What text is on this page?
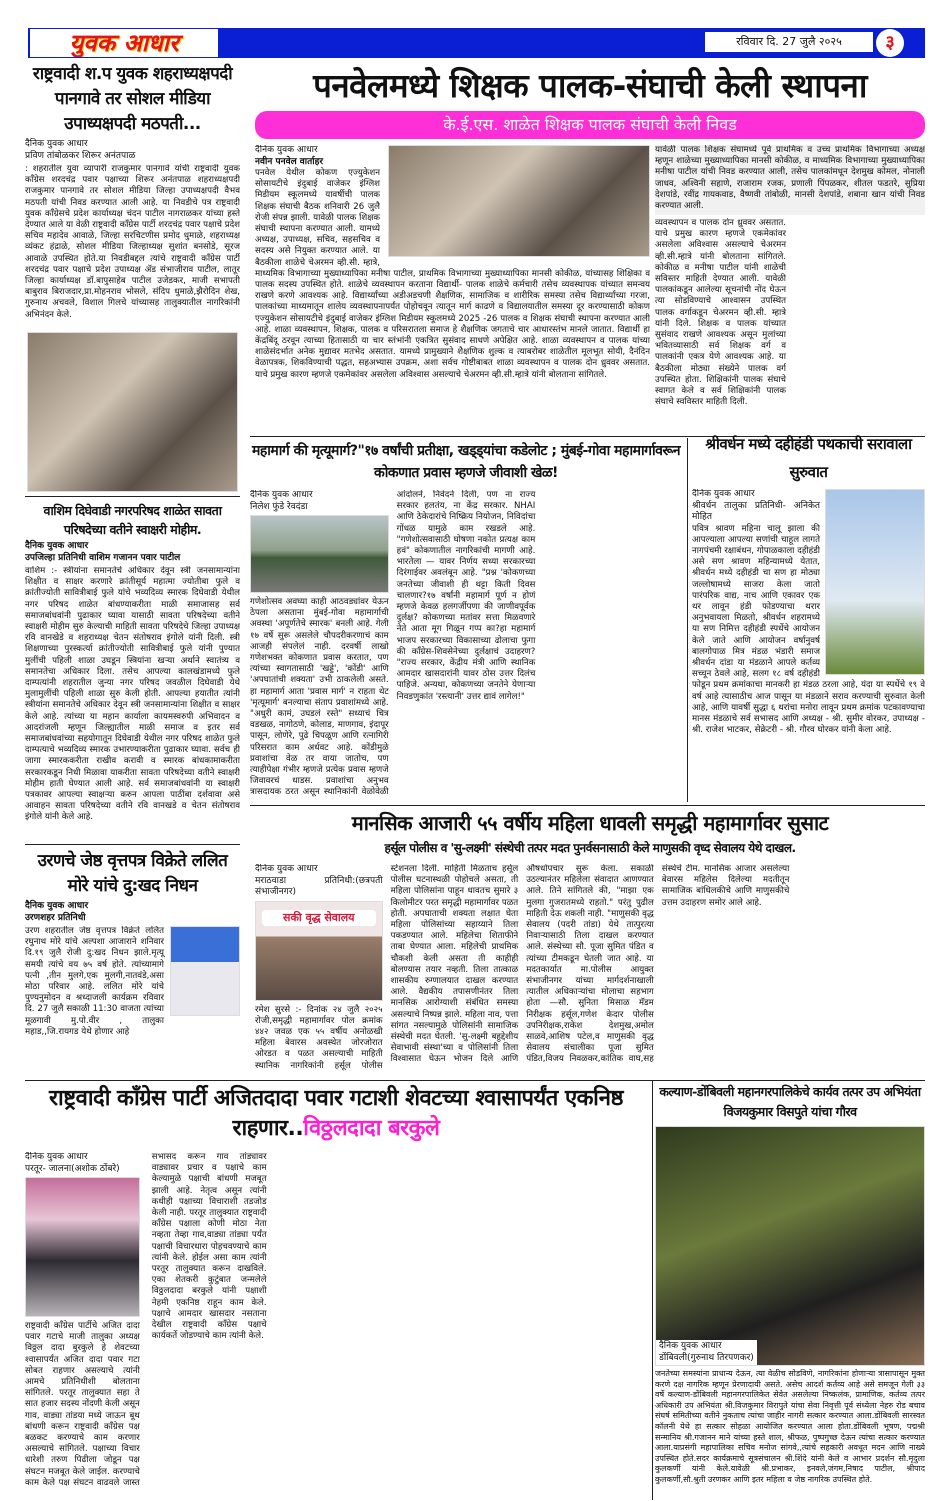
युवक आधार	रविवार दि. 27 जुलै २०२५	३
राष्ट्रवादी श.प युवक शहराध्यक्षपदी पानगावे तर सोशल मीडिया उपाध्यक्षपदी मठपती...
दैनिक युवक आधार
प्रविण तांबोळकर शिरूर अनंतपाळ
: शहरातील युवा व्यापारी राजकुमार पानगावे यांची राष्ट्रवादी युवक काँग्रेस शरदचंद्र पवार पक्षाच्या शिरूर अनंतपाळ शहराध्यक्षपदी राजकुमार पानगावे तर सोशल मीडिया जिल्हा उपाध्यक्षपदी वैभव मठपती यांची निवड करण्यात आली आहे. या निवडीचे पत्र राष्ट्रवादी युवक काँग्रेसचे प्रदेश कार्याध्यक्ष चंदन पाटील नागराळकर यांच्या हस्ते देण्यात आले या वेळी राष्ट्रवादी काँग्रेस पार्टी शरदचंद्र पवार पक्षाचे प्रदेश सचिव महादेव आवाळे, जिल्हा सरचिटणीस प्रमोद धुमाळे, शहराध्यक्ष व्यंकट हंद्राळे, सोशल मीडिया जिल्हाध्यक्ष सुशांत बनसोडे, सूरज आवाळे उपस्थित होते.या निवडीबद्दल त्यांचे राष्ट्रवादी काँग्रेस पार्टी शरदचंद्र पवार पक्षाचे प्रदेश उपाध्यक्ष ॲड संभाजीराव पाटील, लातूर जिल्हा कार्याध्यक्ष डॉ.बापुसाहेब पाटील उजेडकर, माजी सभापती बाबुराव बिराजदार,प्रा.मोहनराव भोसले, संदिप धुमाळे,झैरोदिन शेख, गुरुनाथ अचवले, विशाल गिलचे यांच्यासह तालुक्यातील नागरिकांनी अभिनंदन केले.
वाशिम दिघेवाडी नगरपरिषद शाळेत सावता परिषदेच्या वतीने स्वाक्षरी मोहीम.
दैनिक युवक आधार
उपजिल्हा प्रतिनिधी वाशिम गजानन पवार पाटील
वाशिम :- स्त्रीयांना समानतेचे अधिकार देवून स्त्री जनसामान्यांना शिक्षीत व साक्षर करणारे क्रांतीसूर्य महात्मा ज्योतीबा फुले व क्रांतीज्योती सावित्रीबाई फुले यांचे भव्यदिव्य स्मारक दिघेवाडी येथील नगर परिषद शाळेत बांधण्याकरीता माळी समाजासह सर्व समाजबांधवांनी पुढाकार घ्यावा यासाठी सावता परिषदेच्या वतीने स्वाक्षरी मोहीम सुरु केल्याची माहिती सावता परिषदेचे जिल्हा उपाध्यक्ष रवि वानखेडे व शहराध्यक्ष चेतन संतोषराव इंगोले यांनी दिली. स्त्री शिक्षणाच्या पुरस्कर्त्या क्रांतीज्योती सावित्रीबाई फुले यांनी पुण्यात मुलींची पहिली शाळा उघडून स्त्रियांना खऱ्या अर्थाने स्वातंत्र्य व समानतेचा अधिकार दिला. तसेच आपल्या कालखंडामध्ये फुले दाम्पत्यांनी शहरातील जुन्या नगर परिषद जवळील दिघेवाडी येथे मुलामुलींची पहिली शाळा सुरु केली होती. आपल्या हयातीत त्यांनी स्त्रीयांना समानतेचे अधिकार देवून स्त्री जनसामान्यांना शिक्षीत व साक्षर केले आहे. त्यांच्या या महान कार्याला कायमस्वरुपी अभिवादन व आदरांजली म्हणून जिल्ह्यातील माळी समाज व इतर सर्व समाजबांधवांच्या सहयोगातून दिघेवाडी येथील नगर परिषद शाळेत फुले दाम्पत्याचे भव्यदिव्य स्मारक उभारण्याकरीता पुढाकार घ्यावा. सर्वच ही जागा स्मारककरीता राखीव करावी व स्मारक बांधकामाकरीता सरकारकडून निधी मिळावा याकरीता सावता परिषदेच्या वतीने स्वाक्षरी मोहीम हाती घेण्यात आली आहे. सर्व समाजबांधवांनी या स्वाक्षरी पत्रकावर आपल्या स्वाक्षऱ्या करुन आपला पाठींबा दर्शवावा असे आवाहन सावता परिषदेच्या वतीने रवि वानखडे व चेतन संतोषराव इंगोले यांनी केले आहे.
उरणचे जेष्ठ वृत्तपत्र विक्रेते ललित मोरे यांचे दु:खद निधन
दैनिक युवक आधार
उरणशहर प्रतिनिधी
उरण शहरातील जेष्ठ वृत्तपत्र विक्रेते ललित रघुनाथ मोरे यांचे अल्पशा आजाराने शनिवार दि.१९ जुलै रोजी दु:खद निधन झाले.मृत्यू समयी त्यांचे वय ७५ वर्ष होते. त्यांच्यामागे पत्नी ,तीन मुलगे,एक मुलगी,नातवंडे,असा मोठा परिवार आहे. ललित मोरे यांचे पुण्यनुमोदन व श्रध्दाजली कार्यक्रम रविवार दि. 27 जुलै सकाळी 11:30 वाजता त्यांच्या मूळगावी मु.पो.वीर , तालुका महाड,,जि.रायगड येथे होणार आहे
पनवेलमध्ये शिक्षक पालक-संघाची केली स्थापना
के.ई.एस. शाळेत शिक्षक पालक संघाची केली निवड
दैनिक युवक आधार
नवीन पनवेल वार्ताहर
पनवेल येथील कोकण एज्युकेशन सोसायटीचे इंदुबाई वाजेकर इंग्लिश मिडीयम स्कूलमध्ये यावर्षीची पालक शिक्षक संघाची बैठक शनिवारी 26 जुलै रोजी संपन्न झाली. यावेळी पालक शिक्षक संघाची स्थापना करण्यात आली. यामध्ये अध्यक्ष, उपाध्यक्ष, सचिव, सहसचिव व सदस्य असे नियुक्त करण्यात आले. या बैठकीला शाळेचे चेअरमन व्ही.सी. म्हात्रे, माध्यमिक विभागाच्या मुख्याध्यापिका मनीषा पाटील, प्राथमिक विभागाच्या मुख्याध्यापिका मानसी कोकीळ, यांच्यासह शिक्षिका व पालक सदस्य उपस्थित होते. शाळेचे व्यवस्थापन करताना विद्यार्थी- पालक शाळेचे कर्मचारी तसेच व्यवस्थापक यांच्यात समन्वय राखणे करणे आवश्यक आहे. विद्यार्थ्यांच्या अडीअडचणी शैक्षणिक, सामाजिक व शारीरिक समस्या तसेच विद्यार्थ्यांच्या गरजा, पालकांच्या माध्यमातून शालेय व्यवस्थापनापर्यंत पोहोचवून त्यातून मार्ग काढणे व विद्यालयातील समस्या दूर करण्यासाठी कोकण एज्युकेशन सोसायटीचे इंदुबाई वाजेकर इंग्लिश मिडीयम स्कूलमध्ये 2025 -26 पालक व शिक्षक संघाची स्थापना करण्यात आली आहे. शाळा व्यवस्थापन, शिक्षक, पालक व परिसरातला समाज हे शैक्षणिक जगताचे चार आधारस्तंभ मानले जातात. विद्यार्थी हा केंद्रबिंदू ठरवून त्याच्या हितासाठी या चार स्तंभांनी एकत्रित सुसंवाद साधणे अपेक्षित आहे. शाळा व्यवस्थापन व पालक यांच्या शाळेसंदर्भात अनेक मुद्यावर मतभेद असतात. यामध्ये प्रामुख्याने शैक्षणिक शुल्क व त्याबरोबर शाळेतील मूलभूत सोयी, दैनंदिन वेळापत्रक, शिकविण्याची पद्धत, सहअभ्यास उपक्रम, अशा सर्वच गोष्टीबाबत शाळा व्यवस्थापन व पालक दोन ध्रुववर असतात. याचे प्रमुख कारण म्हणजे एकमेकांवर असलेला अविश्वास असल्याचे चेअरमन व्ही.सी.म्हात्रे यांनी बोलताना सांगितले.
यावेळी पालक शिक्षक संघामध्ये पूर्व प्राथमिक व उच्च प्राथमिक विभागाच्या अध्यक्ष म्हणून शाळेच्या मुख्याध्यापिका मानसी कोकीळ, व माध्यमिक विभागाच्या मुख्याध्यापिका मनीषा पाटील यांची निवड करण्यात आली, तसेच पालकांमधून देशमुख कोमल, नोनाली जाधव, अश्विनी सहाणे, राजाराम रजक, प्रणाली पिंपळकर, शीतल फडतरे, सुप्रिया देशपांडे, रवींद्र गायकवाड, वैष्णवी तांबोळी, मानसी देशपांडे, शबाना खान यांची निवड करण्यात आली.
व्यवस्थापन व पालक दोन ध्रुववर असतात. याचे प्रमुख कारण म्हणजे एकमेकांवर असलेला अविश्वास असल्याचे चेअरमन व्ही.सी.म्हात्रे यांनी बोलताना सांगितले. कोकीळ व मनीषा पाटील यांनी शाळेची सविस्तर माहिती देण्यात आली. यावेळी पालकांकडून आलेल्या सूचनांची नोंद घेऊन त्या सोडविण्याचे आश्वासन उपस्थित पालक वर्गाकडून चेअरमन व्ही.सी. म्हात्रे यांनी दिले. शिक्षक व पालक यांच्यात सुसंवाद राखणे आवश्यक असून मुलांच्या भवितव्यासाठी सर्व शिक्षक वर्ग व पालकांनी एकत्र येणे आवश्यक आहे. या बैठकीला मोठ्या संख्येने पालक वर्ग उपस्थित होता. शिक्षिकांनी पालक संघाचे स्वागत केले व सर्व शिक्षिकांनी पालक संघाचे स्वविस्तर माहिती दिली.
महामार्ग की मृत्यूमार्ग?"१७ वर्षांची प्रतीक्षा, खड्ड्यांचा कडेलोट ; मुंबई-गोवा महामार्गावरून कोकणात प्रवास म्हणजे जीवाशी खेळ!
दैनिक युवक आधार
निलेश फुंडे रेवदंडा
गणेशोत्सव अवघ्या काही आठवड्यांवर येऊन ठेपला असताना मुंबई-गोवा महामार्गाची अवस्था 'अपूर्णतेचे स्मारक' बनली आहे. गेली १७ वर्षे सुरू असलेले चौपदरीकरणाचं काम आजही संपलेलं नाही. दरवर्षी लाखो गणेशभक्त कोकणात प्रवास करतात, पण त्यांच्या स्वागतासाठी 'खड्डे', 'कोंडी' आणि 'अपघातांची शक्यता' उभी ठाकलेली असते. हा महामार्ग आता 'प्रवास मार्ग' न राहता थेट 'मृत्यूमार्ग' बनल्याचा संताप प्रवाशांमध्ये आहे. "अधुरी कामं, उघडलं रस्ते" सध्याचं चित्र वडखळ, नागोठणे, कोलाड, माणगाव, इंदापूर पासून, लोणेरे, पुढे चिपळूण आणि रत्नागिरी परिसरात काम अर्धवट आहे. कोंडीमुळे प्रवाशांचा वेळ तर वाया जातोच, पण त्याहीपेक्षा गंभीर म्हणजे प्रत्येक प्रवास म्हणजे जिवावरचं धाडस. प्रवाशांचा अनुभव त्रासदायक ठरत असून स्थानिकांनी वेळोवेळी आंदोलने, निवेदने दिली, पण ना राज्य सरकार हलतंय, ना केंद्र सरकार. NHAI आणि ठेकेदारांचे निष्क्रिय नियोजन, निविदांचा गोंधळ यामुळे काम रखडले आहे. "गणेशोत्सवासाठी घोषणा नकोत प्रत्यक्ष काम हवं" कोकणातील नागरिकांची मागणी आहे. भारतेला — यावर निर्णय सध्या सरकारच्या दिरंगाईवर अवलंबून आहे. "प्रश्न 'कोकणच्या जनतेच्या जीवाशी ही थट्टा किती दिवस चालणार?१७ वर्षांनी महामार्ग पूर्ण न होणं म्हणजे केवळ हलगर्जीपणा की जाणीवपूर्वक दुर्लक्ष? कोकणच्या मतांवर सत्ता मिळवणारे नेते आता मूग गिळून गप्प का?हा महामार्ग भाजप सरकारच्या विकासाच्या ढोलाचा फुगा की काँग्रेस-शिवसेनेच्या दुर्लक्षाचं उदाहरण? "राज्य सरकार, केंद्रीय मंत्री आणि स्थानिक आमदार खासदारांनी यावर ठोस उत्तर दिलंच पाहिजे. अन्यथा, कोकणच्या जनतेने येणाऱ्या निवडणुकांत 'रस्त्यानी' उत्तर द्यावं लागेल!"
श्रीवर्धन मध्ये दहीहंडी पथकाची सरावाला सुरुवात
दैनिक युवक आधार
श्रीवर्धन तालुका प्रतिनिधी- अनिकेत मोहित
पवित्र श्रावण महिना चालू झाला की आपल्याला आपल्या सणांची चाहूल लागते नागपंचमी रक्षाबंधन, गोपाळकाला दहीहंडी असे सण श्रावण महिन्यामध्ये येतात, श्रीवर्धन मध्ये दहीहंडी चा सण हा मोठ्या जल्लोषामध्ये साजरा केला जातो पारंपरिक वाद्य, नाच आणि एकावर एक थर लावून हंडी फोडण्याचा थरार अनुभवायला मिळतो, श्रीवर्धन शहरामध्ये या सण निमित्त दहीहंडी स्पर्धेचे आयोजन केले जाते आणि आयोजन वर्षानुवर्ष बालगोपाळ मित्र मंडळ भंडारी समाज श्रीवर्धन दांडा या मंडळाने आपले कर्तव्य सच्चून ठेवले आहे, सलग १८ वर्ष दहीहंडी फोडून प्रथम क्रमांकाचा मानकरी हा मंडळ ठरला आहे, यंदा या स्पर्धेचे १९ वे वर्ष आहे त्यासाठीच आज पासून या मंडळाने सराव करण्याची सुरुवात केली आहे, आणि यावर्षी सुद्धा ६ थरांचा मनोरा लावून प्रथम क्रमांक पटकावण्याचा मानस मंडळाचे सर्व सभासद आणि अध्यक्ष - श्री. सुमीर वोरकर, उपाध्यक्ष - श्री. राजेश भाटकर, सेक्रेटरी - श्री. गौरव घोरकर यांनी केला आहे.
मानसिक आजारी ५५ वर्षीय महिला धावली समृद्धी महामार्गावर सुसाट
हर्सूल पोलीस व 'सु-लक्ष्मी' संस्थेची तत्पर मदत पुनर्वसनासाठी केले माणुसकी वृध्द सेवालय येथे दाखल.
दैनिक युवक आधार
मराठवाडा प्रतिनिधी:(छत्रपती संभाजीनगर)
सकी वृद्ध सेवालय
रमेश सुरसे :- दिनांक २४ जुलै २०२५ रोजी,समृद्धी महामार्गावर पोल क्रमांक ४४२ जवळ एक ५५ वर्षीय अनोळखी महिला बेवारस अवस्थेत जोरजोरात ओरडत व पळत असल्याची माहिती स्थानिक नागरिकांनी हर्सूल पोलीस स्टेशनला दिली. माहिती मिळताच हर्सूल पोलीस घटनास्थळी पोहोचले असता, ती महिला पोलिसांना पाहून धावतच सुमारे ३ किलोमीटर परत समृद्धी महामार्गावर पळत होती. अपघाताची शक्यता लक्षात घेता महिला पोलिसांच्या सहाय्याने तिला पकडण्यात आले. महिलेचा शिताफीने ताबा घेण्यात आला. महिलेची प्राथमिक चौकशी केली असता ती काहीही बोलण्यास तयार नव्हती. तिला तात्काळ शासकीय रुग्णालयात दाखल करण्यात आले. वैद्यकीय तपासणीनंतर तिला मानसिक आरोग्याशी संबंधित समस्या असल्याचे निष्पन्न झाले. महिला नाव, पत्ता सांगत नसल्यामुळे पोलिसांनी सामाजिक संस्थेची मदत घेतली. 'सु-लक्ष्मी बहुद्देशीय सेवाभावी संस्था'च्या व पोलिसांनी तिला विश्वासात घेऊन भोजन दिले आणि औषधोपचार सुरू केला. सकाळी उठल्यानंतर महिलेला संवादात आणण्यात आले. तिने सांगितले की, "माझा एक मुलगा गुजरातमध्ये राहतो." परंतु पुढील माहिती देऊ शकली नाही. "माणुसकी वृद्ध सेवालय (पदरी तांडा) येथे तात्पुरत्या निवाऱ्यासाठी तिला दाखल करण्यात आले. संस्थेच्या सौ. पूजा सुमित पंडित व त्यांच्या टीमकडून घेतली जात आहे. या मदतकार्यात मा.पोलीस आयुक्त संभाजीनगर यांच्या मार्गदर्शनाखाली त्यातील अधिकाऱ्यांचा मोलाचा सहभाग होता —सौ. सुनिता मिसाळ मॅडम निरीक्षक हर्सूल,गणेश केदार पोलीस उपनिरीक्षक,राकेश देशमुख,अमोल साळवे,आशिष पटेल,व माणुसकी वृद्ध सेवालय संचालीका पूजा सुमित पंडित,विजय निवळकर,कांतिक वाघ,सह संस्थेचे टीम. मानसिक आजार असलेल्या बेवारस महिलेस दिलेल्या मदतीतून सामाजिक बांधिलकीचे आणि माणुसकीचे उत्तम उदाहरण समोर आले आहे.
राष्ट्रवादी काँग्रेस पार्टी अजितदादा पवार गटाशी शेवटच्या श्वासापर्यंत एकनिष्ठ राहणार..विठ्ठलदादा बरकुले
दैनिक युवक आधार
परतूर- जालना(अशोक ठोंबरे)
राष्ट्रवादी काँग्रेस पार्टीचे अजित दादा पवार गटाचे माजी तालुका अध्यक्ष विठ्ठल दादा बुरकुले हे शेवटच्या श्वासापर्यंत अजित दादा पवार गटा सोबत राहणार असल्याचे त्यांनी आमचे प्रतिनिधीशी बोलताना सांगितले. परतूर तालुक्यात सहा ते सात हजार सदस्य नोंदणी केली असून गाव, वाड्या तांडया मध्ये जाऊन बूथ बांधणी करून राष्ट्रवादी काँग्रेस पक्ष बळकट करण्याचे काम करणार असल्याचे सांगितले. पक्षाच्या विचार धारेशी तरुण पिढीला जोडून पक्ष संघटन मजबूत केले जाईल. करण्याचे काम केले पक्ष संघटन वाढवले जास्त सभासद करून गाव तांड्यावर वाड्यावर प्रचार व पक्षाचे काम केल्यामुळे पक्षाची बांधणी मजबूत झाली आहे. नेतृत्व असून त्यांनी कधीही पक्षाच्या विचाराशी तडजोड केली नाही. परतूर तालुक्यात राष्ट्रवादी काँग्रेस पक्षाला कोणी मोठा नेता नव्हता तेव्हा गाव,वाड्या तांड्या पर्यंत पक्षाची विचारधारा पोहचवण्याचे काम त्यांनी केले. होईल असा काम त्यांनी परतूर तालुक्यात करून दाखविले. एका शेतकरी कुटुंबात जन्मलेले विठ्ठलदादा बरकुले यांनी पक्षाशी नेहमी एकनिष्ठ राहून काम केले. पक्षाचे आमदार खासदार नसताना देखील राष्ट्रवादी काँग्रेस पक्षाचे कार्यकर्ते जोडण्याचे काम त्यांनी केले.
कल्याण-डोंबिवली महानगरपालिकेचे कार्यव तत्पर उप अभियंता विजयकुमार विसपुते यांचा गौरव
दैनिक युवक आधार
डोंबिवली(गुरुनाथ तिरपणकर)
जनतेच्या समस्यांना प्राधान्य देऊन, त्या वेळीच सोडविणे, नागरिकांना होणाऱ्या त्रासापासून मुक्त करणे दक्ष नागरिक म्हणून प्रेरणादायी असते. असेच आदर्श कर्तव्य आहे असे समजून गेली ३३ वर्षे कल्याण-डोंबिवली महानगरपालिकेत सेवेत असलेल्या निष्कलंक, प्रामाणिक, कर्तव्य तत्पर अधिकारी उप अभियंता श्री.विजकुमार विरापुते यांचा सेवा निवृत्ती पूर्व संध्येला नेहरु रोड बचाव संघर्ष समितीच्या वतीने नुकताच त्यांचा जाहीर नागरी सत्कार करण्यात आला.डोंबिवली सारस्वत कॉलनी येथे हा सत्कार सोहळा आयोजित करण्यात आला होता.डोंबिवली भूषण, पद्मश्री सन्मानिय श्री.गजानन माने यांच्या हस्ते शाल, श्रीफळ, पुष्पगुच्छ देऊन त्यांचा सत्कार करण्यात आला.याप्रसंगी महापालिका सचिव मनोज सांगवे,,त्यांचे सहकारी अवधूत मदन आणि नाख्ये उपस्थित होते.सदर कार्यक्रमाचे सूत्रसंचालन श्री.शिंदे यांनी केले व आभार प्रदर्शन सौ.मृदुला कुलकर्णी यांनी केले.यावेळी श्री.प्रभाकर, इनवले,जंगम,निषाद पाटील, श्रीपाद कुलकर्णी,सौ.श्रुती उरणकर आणि इतर महिला व जेष्ठ नागरिक उपस्थित होते.
